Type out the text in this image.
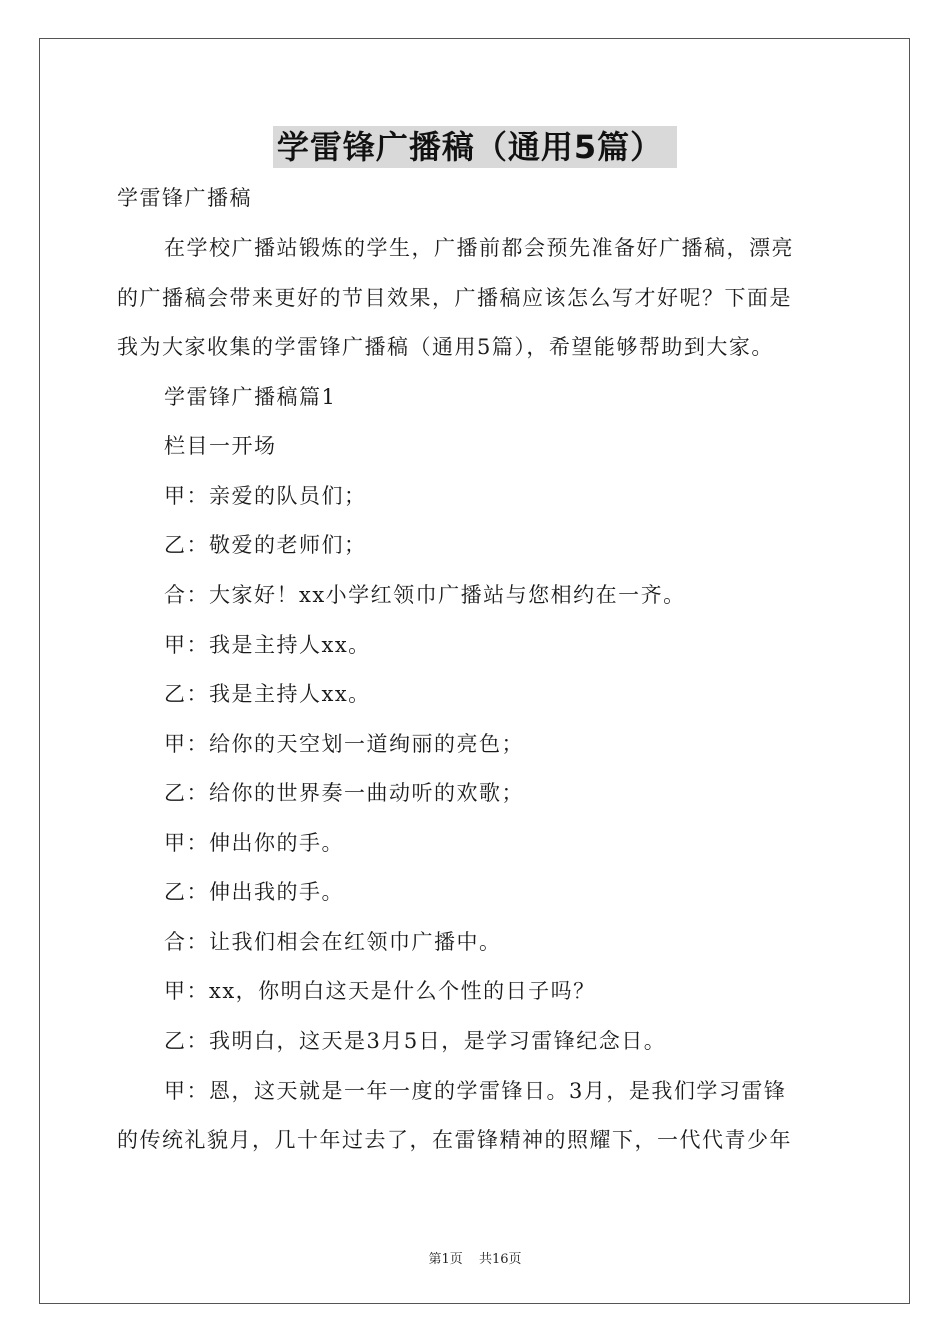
学雷锋广播稿（通用5篇）
学雷锋广播稿
在学校广播站锻炼的学生，广播前都会预先准备好广播稿，漂亮
的广播稿会带来更好的节目效果，广播稿应该怎么写才好呢？下面是
我为大家收集的学雷锋广播稿（通用5篇），希望能够帮助到大家。
学雷锋广播稿篇1
栏目一开场
甲：亲爱的队员们；
乙：敬爱的老师们；
合：大家好！xx小学红领巾广播站与您相约在一齐。
甲：我是主持人xx。
乙：我是主持人xx。
甲：给你的天空划一道绚丽的亮色；
乙：给你的世界奏一曲动听的欢歌；
甲：伸出你的手。
乙：伸出我的手。
合：让我们相会在红领巾广播中。
甲：xx，你明白这天是什么个性的日子吗？
乙：我明白，这天是3月5日，是学习雷锋纪念日。
甲：恩，这天就是一年一度的学雷锋日。3月，是我们学习雷锋
的传统礼貌月，几十年过去了，在雷锋精神的照耀下，一代代青少年
第1页 共16页
